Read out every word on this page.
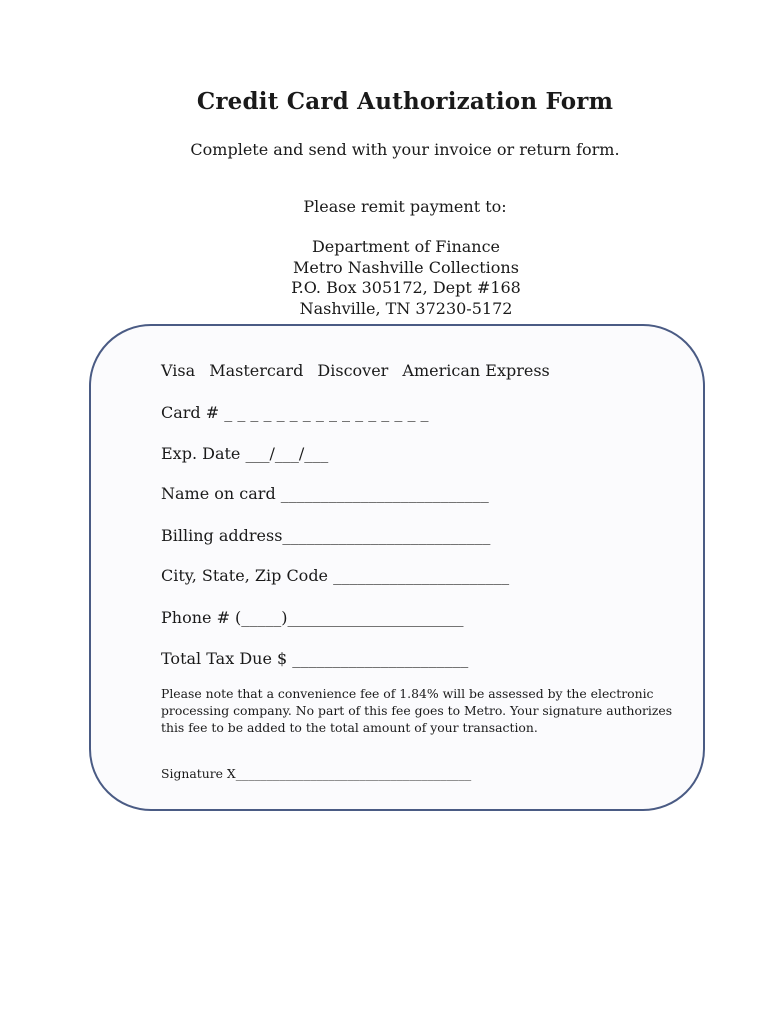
Credit Card Authorization Form
Complete and send with your invoice or return form.
Please remit payment to:
Department of Finance
Metro Nashville Collections
P.O. Box 305172, Dept #168
Nashville, TN 37230-5172
Visa Mastercard Discover American Express
Card # _ _ _ _ _ _ _ _ _ _ _ _ _ _ _ _
Exp. Date ___/___/___
Name on card __________________________
Billing address__________________________
City, State, Zip Code ______________________
Phone # (_____)______________________
Total Tax Due $ ______________________
Please note that a convenience fee of 1.84% will be assessed by the electronic processing company. No part of this fee goes to Metro. Your signature authorizes this fee to be added to the total amount of your transaction.
Signature X______________________________________
